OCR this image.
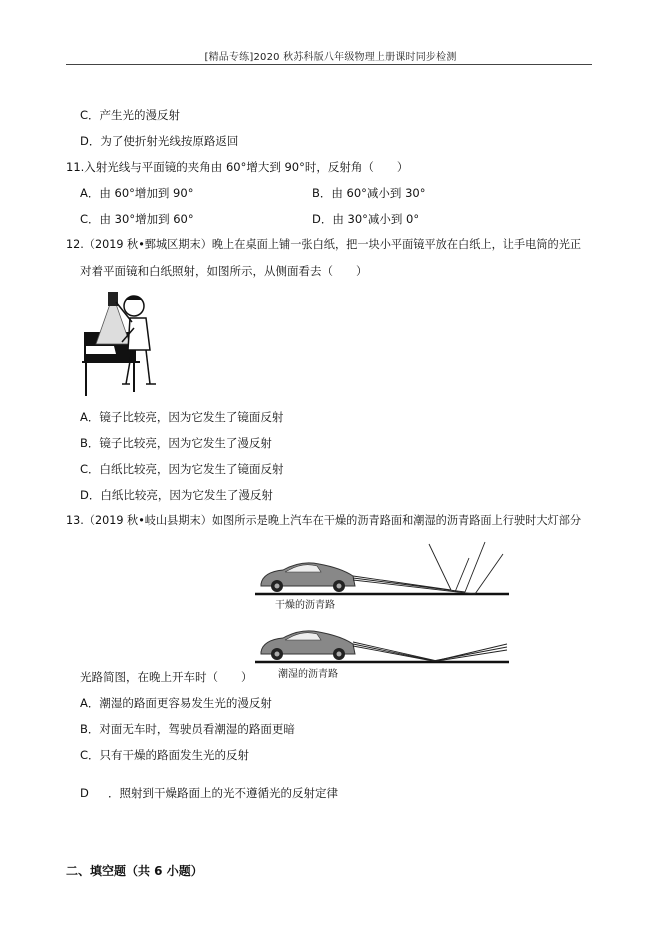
[精品专练]2020 秋苏科版八年级物理上册课时同步检测
C．产生光的漫反射
D．为了使折射光线按原路返回
11.入射光线与平面镜的夹角由 60°增大到 90°时，反射角（　　）
A．由 60°增加到 90°	B．由 60°减小到 30°
C．由 30°增加到 60°	D．由 30°减小到 0°
12.（2019 秋•鄄城区期末）晚上在桌面上铺一张白纸，把一块小平面镜平放在白纸上，让手电筒的光正
对着平面镜和白纸照射，如图所示，从侧面看去（　　）
A．镜子比较亮，因为它发生了镜面反射
B．镜子比较亮，因为它发生了漫反射
C．白纸比较亮，因为它发生了镜面反射
D．白纸比较亮，因为它发生了漫反射
13.（2019 秋•岐山县期末）如图所示是晚上汽车在干燥的沥青路面和潮湿的沥青路面上行驶时大灯部分
干燥的沥青路
潮湿的沥青路
光路简图，在晚上开车时（　　）
A．潮湿的路面更容易发生光的漫反射
B．对面无车时，驾驶员看潮湿的路面更暗
C．只有干燥的路面发生光的反射
D ．照射到干燥路面上的光不遵循光的反射定律
二、填空题（共 6 小题）
